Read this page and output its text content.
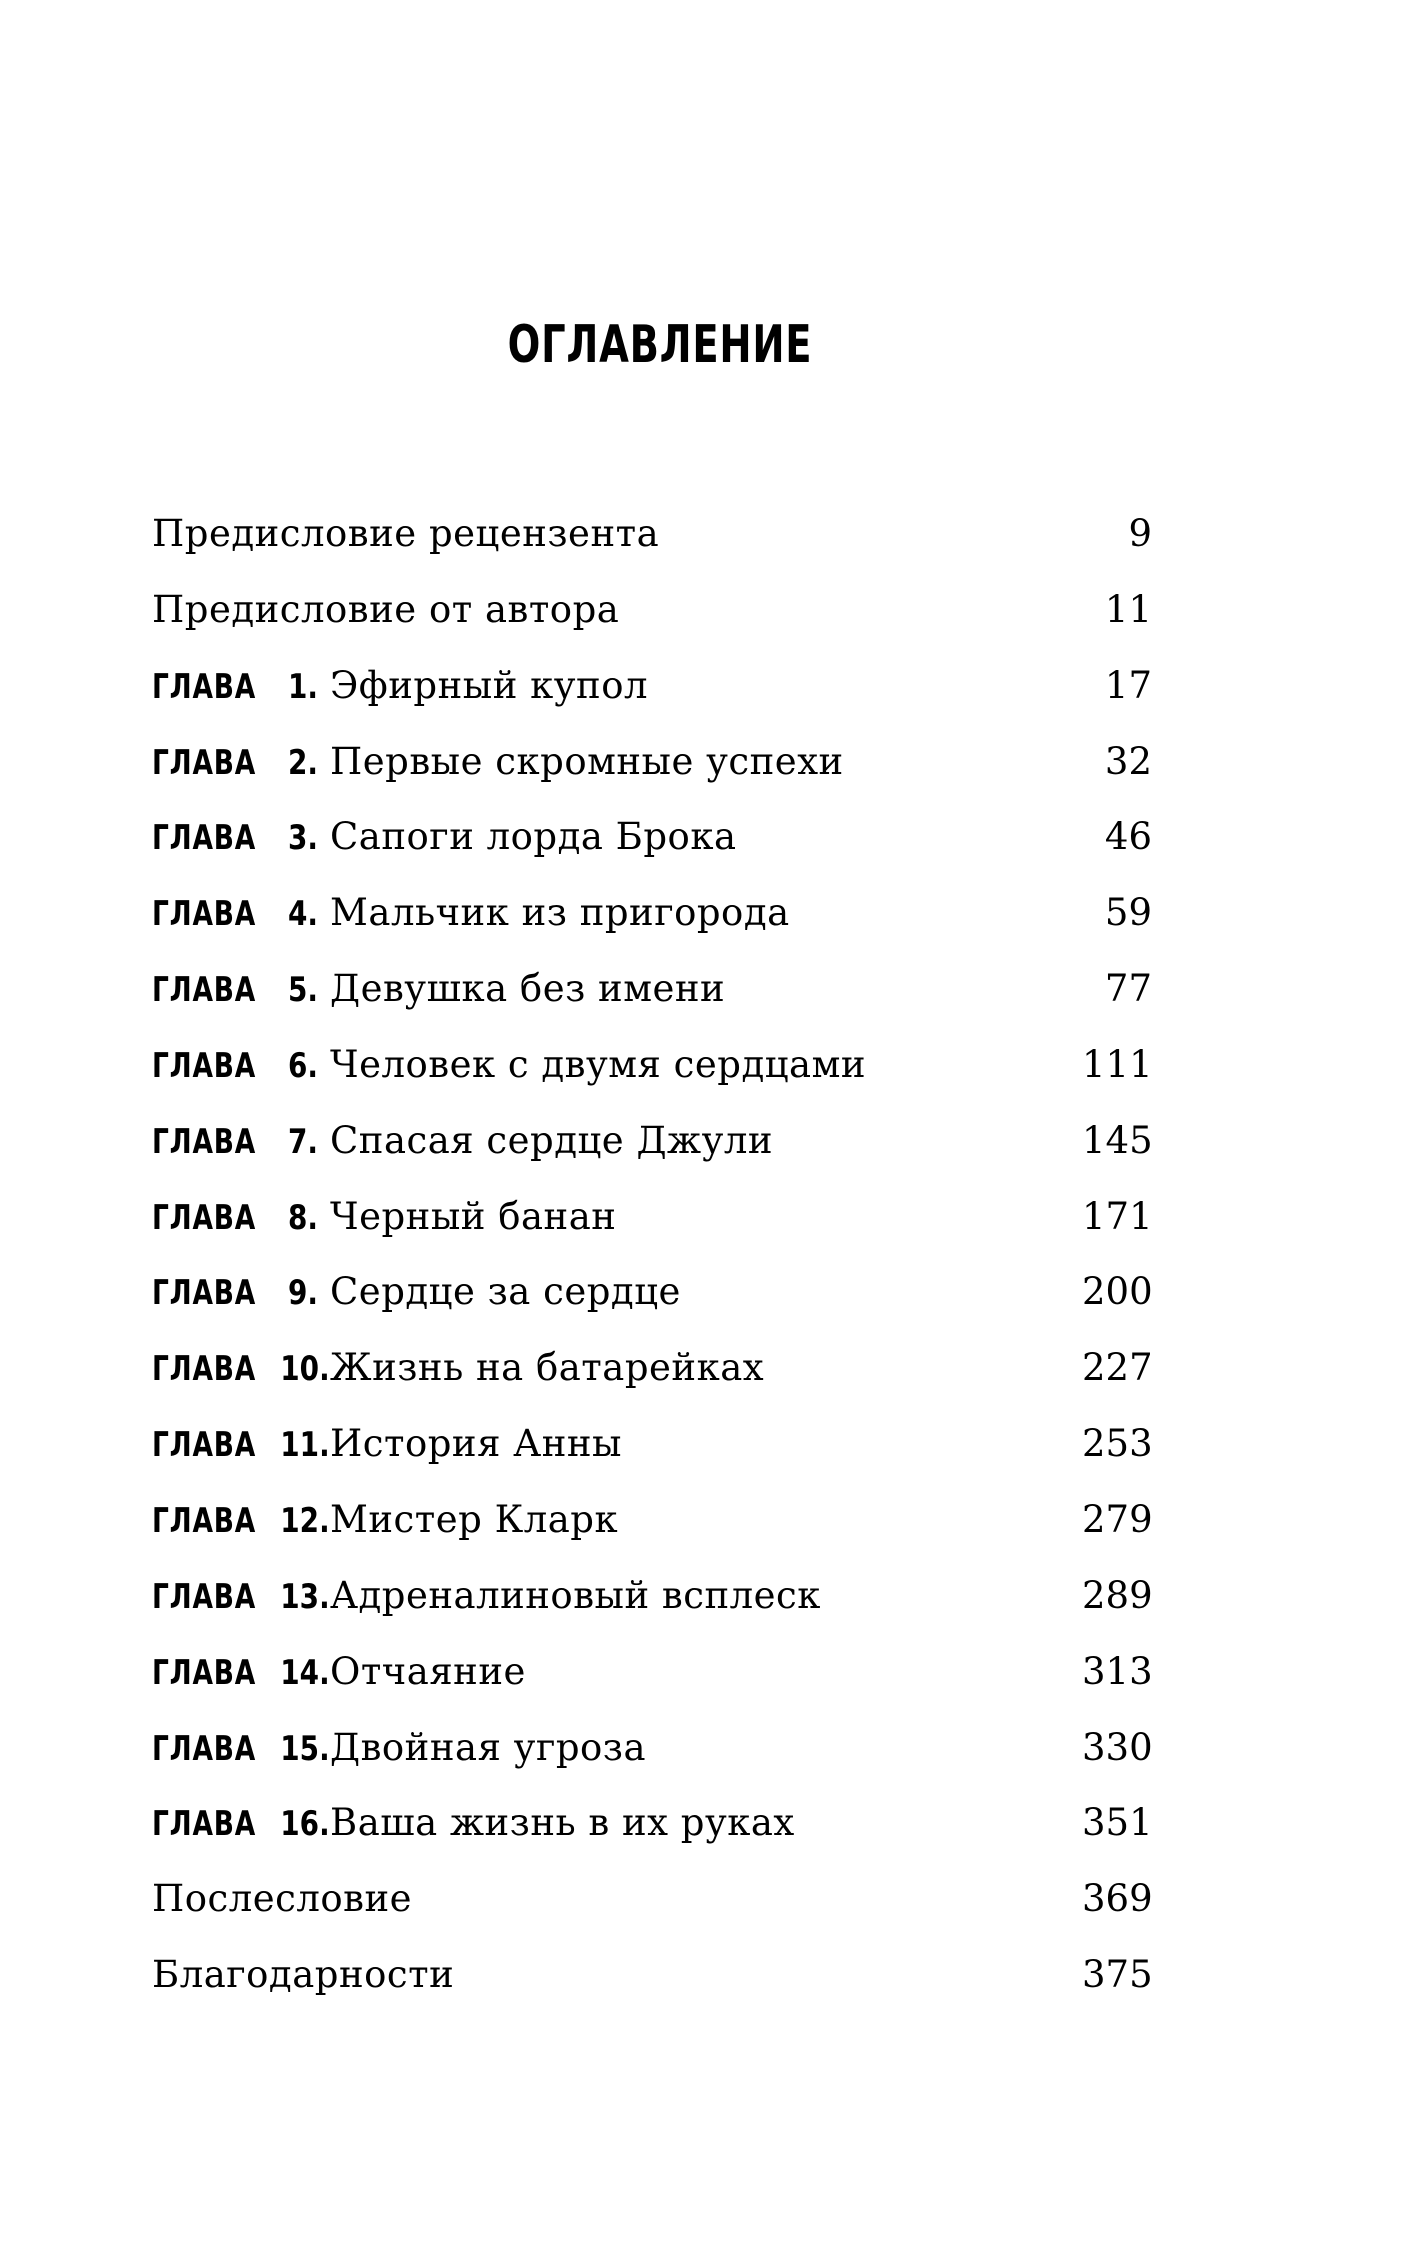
ОГЛАВЛЕНИЕ
Предисловие рецензента . . .	9
Предисловие от автора . . .	11
ГЛАВА 1. Эфирный купол . . .	17
ГЛАВА 2. Первые скромные успехи . . .	32
ГЛАВА 3. Сапоги лорда Брока . . .	46
ГЛАВА 4. Мальчик из пригорода . . .	59
ГЛАВА 5. Девушка без имени . . .	77
ГЛАВА 6. Человек с двумя сердцами . . .	111
ГЛАВА 7. Спасая сердце Джули . . .	145
ГЛАВА 8. Черный банан . . .	171
ГЛАВА 9. Сердце за сердце . . .	200
ГЛАВА 10. Жизнь на батарейках . . .	227
ГЛАВА 11. История Анны . . .	253
ГЛАВА 12. Мистер Кларк . . .	279
ГЛАВА 13. Адреналиновый всплеск . . .	289
ГЛАВА 14. Отчаяние . . .	313
ГЛАВА 15. Двойная угроза . . .	330
ГЛАВА 16. Ваша жизнь в их руках . . .	351
Послесловие . . .	369
Благодарности . . .	375
